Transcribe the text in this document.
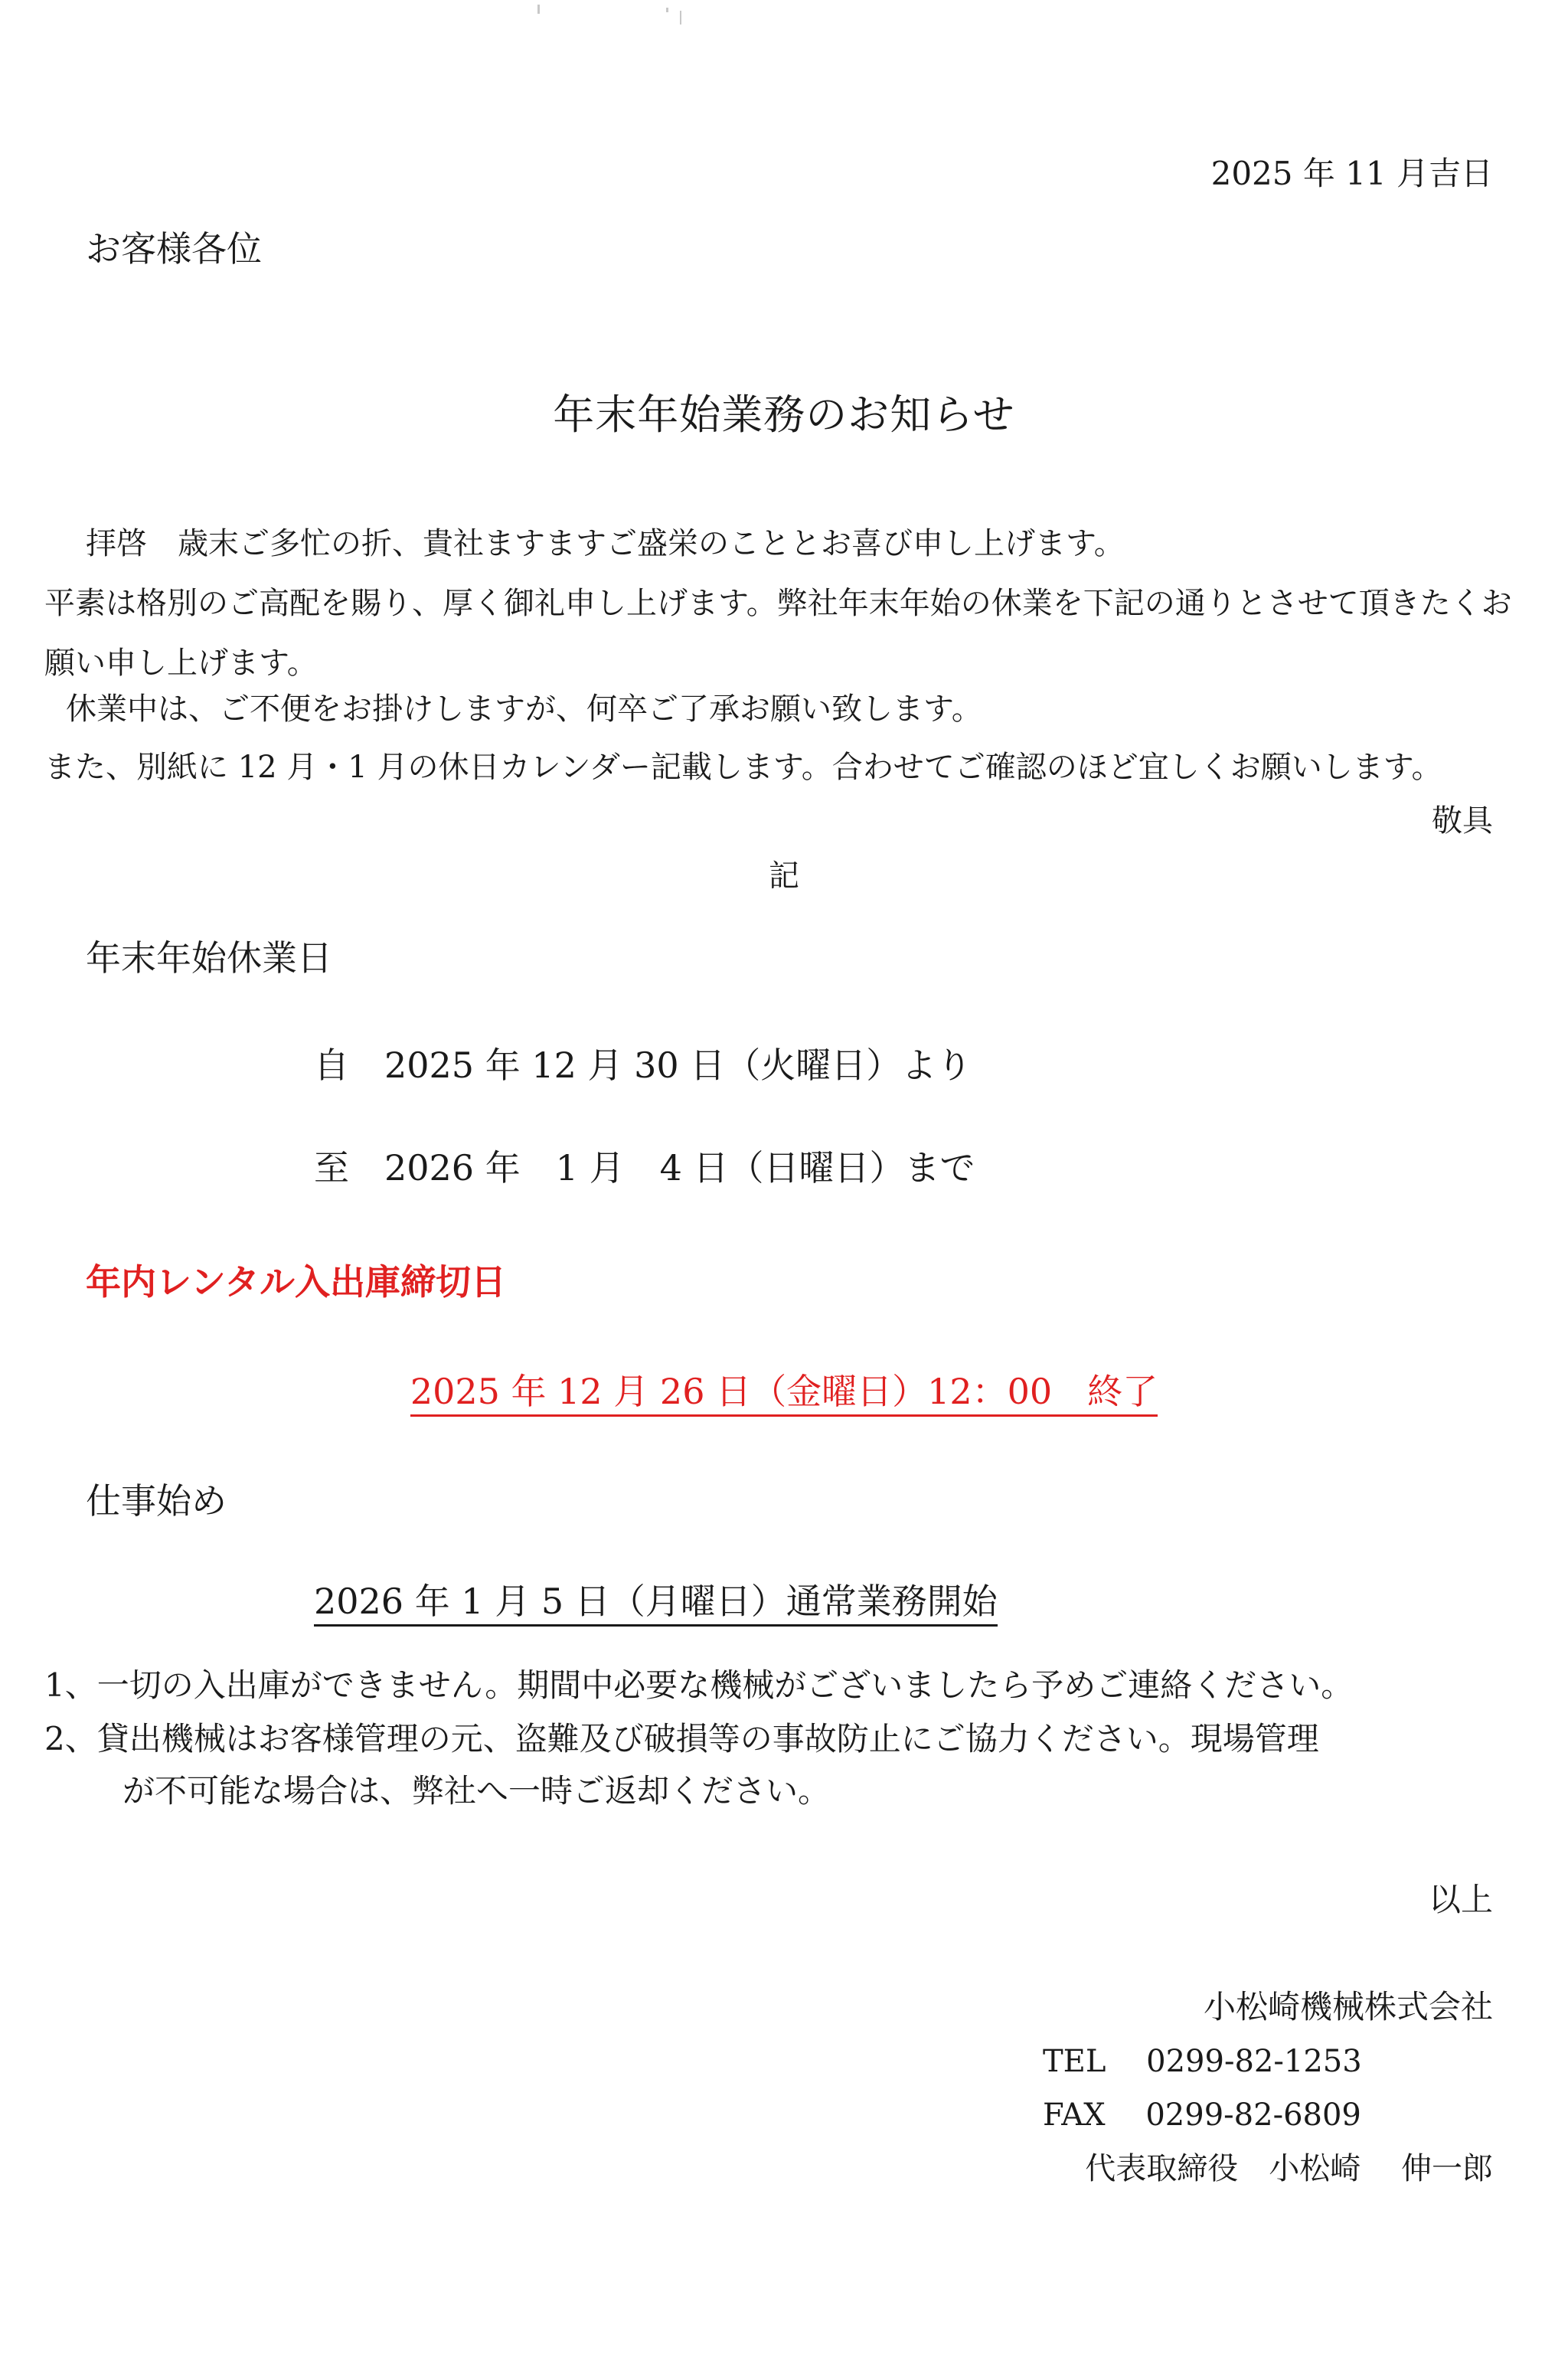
2025 年 11 月吉日
お客様各位
年末年始業務のお知らせ
拝啓　歳末ご多忙の折、貴社ますますご盛栄のこととお喜び申し上げます。
平素は格別のご高配を賜り、厚く御礼申し上げます。弊社年末年始の休業を下記の通りとさせて頂きたくお
願い申し上げます。
休業中は、ご不便をお掛けしますが、何卒ご了承お願い致します。
また、別紙に 12 月・1 月の休日カレンダー記載します。合わせてご確認のほど宜しくお願いします。
敬具
記
年末年始休業日
自　2025 年 12 月 30 日（火曜日）より
至　2026 年　1 月　4 日（日曜日）まで
年内レンタル入出庫締切日
2025 年 12 月 26 日（金曜日）12：00　終了
仕事始め
2026 年 1 月 5 日（月曜日）通常業務開始
1、一切の入出庫ができません。期間中必要な機械がございましたら予めご連絡ください。
2、貸出機械はお客様管理の元、盗難及び破損等の事故防止にご協力ください。現場管理
が不可能な場合は、弊社へ一時ご返却ください。
以上
小松崎機械株式会社
TEL　 0299-82-1253
FAX　 0299-82-6809
代表取締役　小松崎　 伸一郎
